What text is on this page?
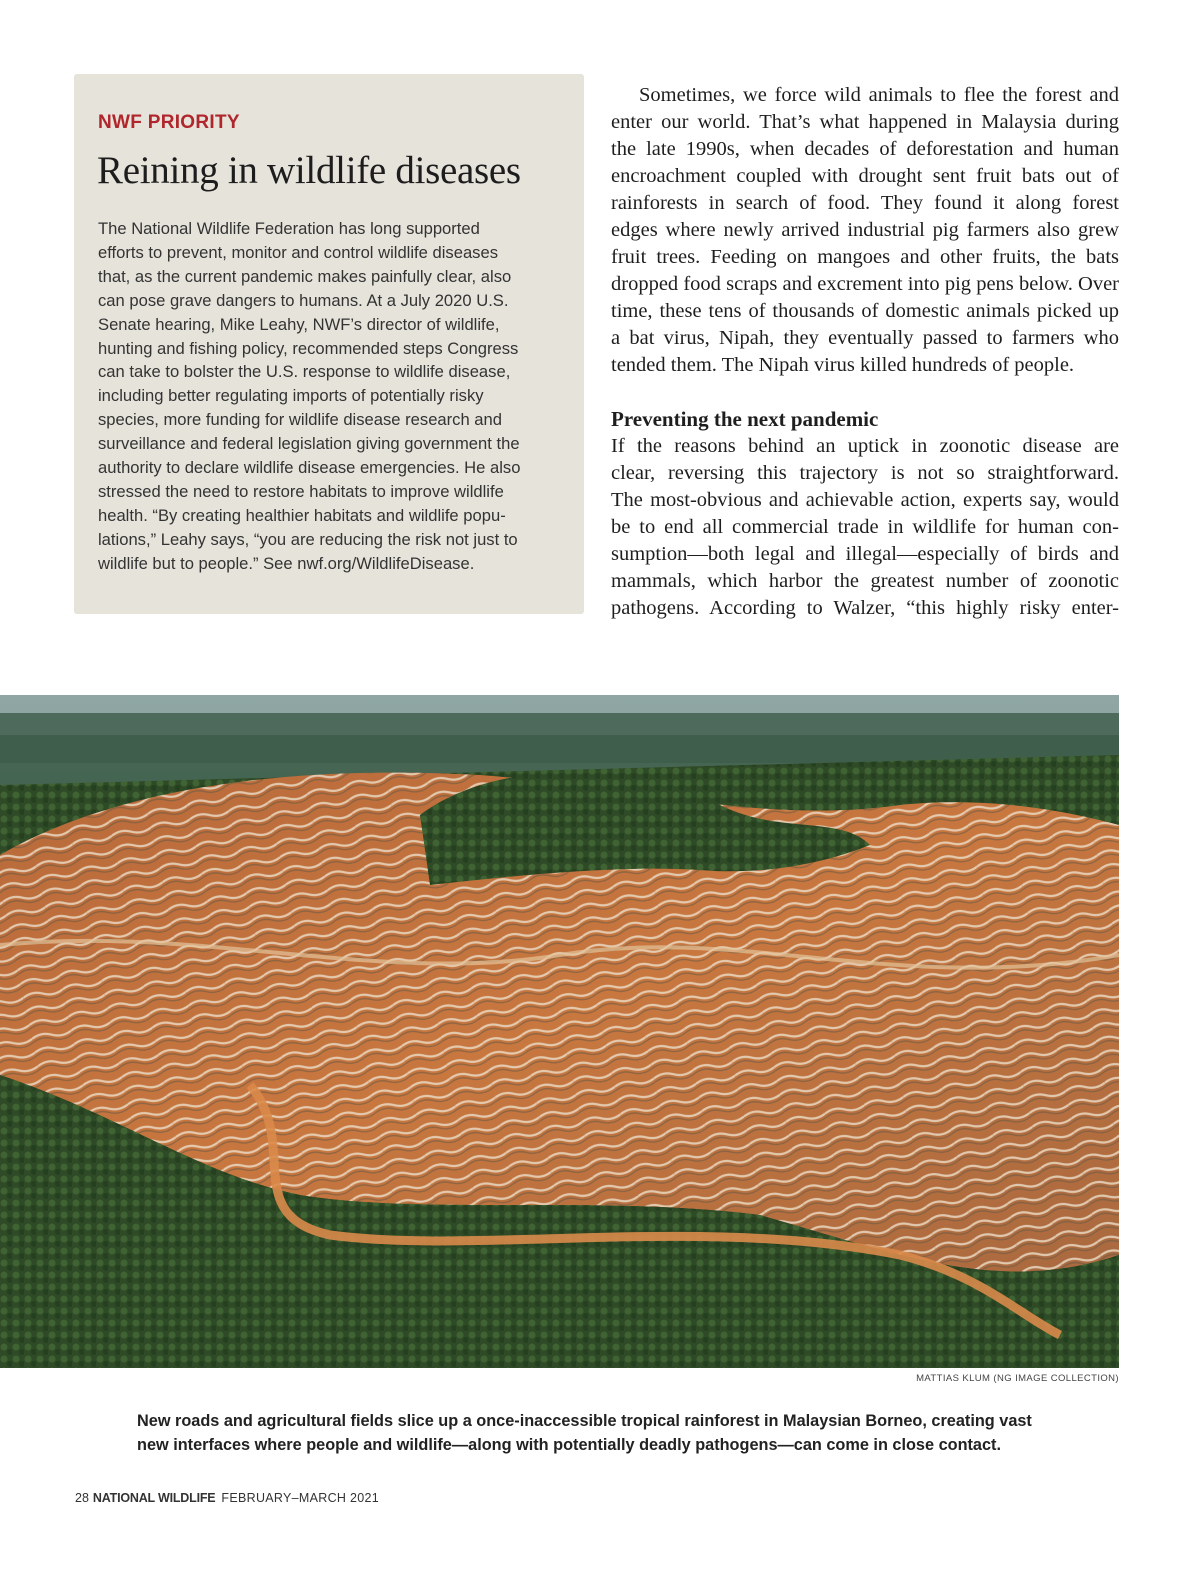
NWF PRIORITY
Reining in wildlife diseases
The National Wildlife Federation has long supported
efforts to prevent, monitor and control wildlife diseases
that, as the current pandemic makes painfully clear, also
can pose grave dangers to humans. At a July 2020 U.S.
Senate hearing, Mike Leahy, NWF’s director of wildlife,
hunting and fishing policy, recommended steps Congress
can take to bolster the U.S. response to wildlife disease,
including better regulating imports of potentially risky
species, more funding for wildlife disease research and
surveillance and federal legislation giving government the
authority to declare wildlife disease emergencies. He also
stressed the need to restore habitats to improve wildlife
health. “By creating healthier habitats and wildlife popu-
lations,” Leahy says, “you are reducing the risk not just to
wildlife but to people.” See nwf.org/WildlifeDisease.
Sometimes, we force wild animals to flee the forest and
enter our world. That’s what happened in Malaysia during
the late 1990s, when decades of deforestation and human
encroachment coupled with drought sent fruit bats out of
rainforests in search of food. They found it along forest
edges where newly arrived industrial pig farmers also grew
fruit trees. Feeding on mangoes and other fruits, the bats
dropped food scraps and excrement into pig pens below. Over
time, these tens of thousands of domestic animals picked up
a bat virus, Nipah, they eventually passed to farmers who
tended them. The Nipah virus killed hundreds of people.
Preventing the next pandemic
If the reasons behind an uptick in zoonotic disease are
clear, reversing this trajectory is not so straightforward.
The most-obvious and achievable action, experts say, would
be to end all commercial trade in wildlife for human con-
sumption—both legal and illegal—especially of birds and
mammals, which harbor the greatest number of zoonotic
pathogens. According to Walzer, “this highly risky enter-
MATTIAS KLUM (NG IMAGE COLLECTION)
New roads and agricultural fields slice up a once-inaccessible tropical rainforest in Malaysian Borneo, creating vast
new interfaces where people and wildlife—along with potentially deadly pathogens—can come in close contact.
28 NATIONAL WILDLIFE FEBRUARY–MARCH 2021
